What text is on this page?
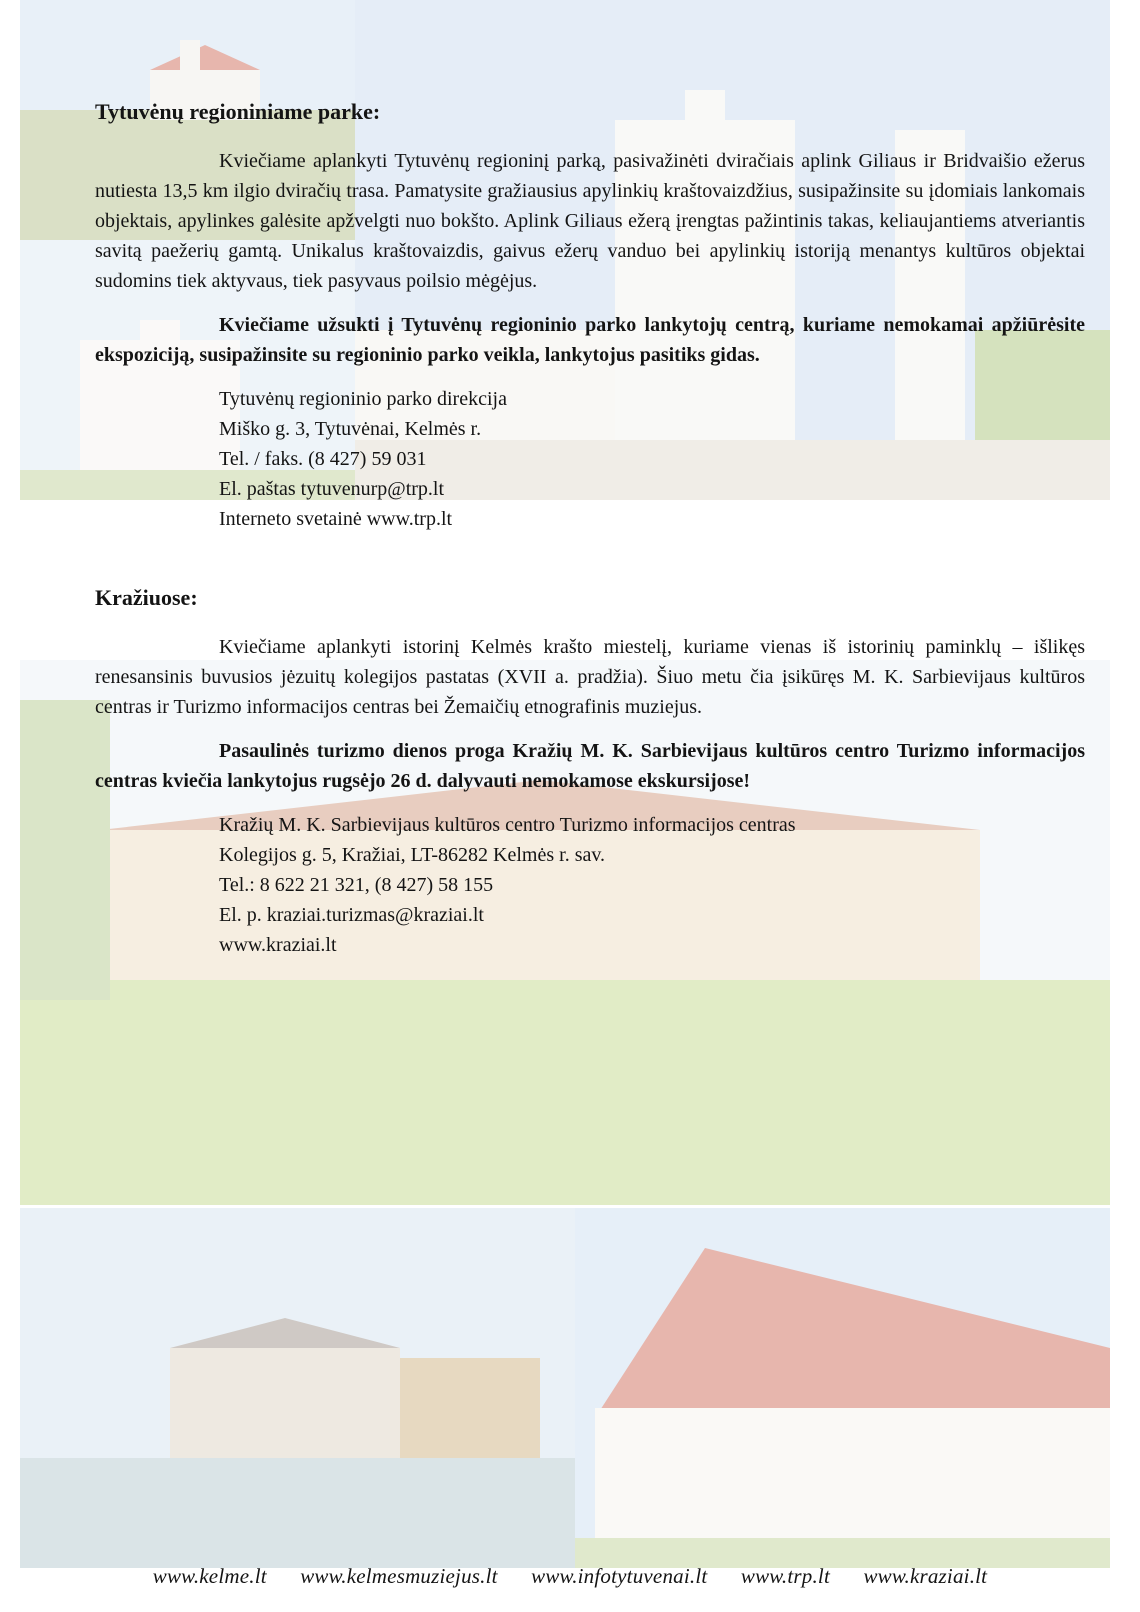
Tytuvėnų regioniniame parke:

Kviečiame aplankyti Tytuvėnų regioninį parką, pasivažinėti dviračiais aplink Giliaus ir Bridvaišio ežerus nutiesta 13,5 km ilgio dviračių trasa. Pamatysite gražiausius apylinkių kraštovaizdžius, susipažinsite su įdomiais lankomais objektais, apylinkes galėsite apžvelgti nuo bokšto. Aplink Giliaus ežerą įrengtas pažintinis takas, keliaujantiems atveriantis savitą paežerių gamtą. Unikalus kraštovaizdis, gaivus ežerų vanduo bei apylinkių istoriją menantys kultūros objektai sudomins tiek aktyvaus, tiek pasyvaus poilsio mėgėjus.

Kviečiame užsukti į Tytuvėnų regioninio parko lankytojų centrą, kuriame nemokamai apžiūrėsite ekspoziciją, susipažinsite su regioninio parko veikla, lankytojus pasitiks gidas.

Tytuvėnų regioninio parko direkcija
Miško g. 3, Tytuvėnai, Kelmės r.
Tel. / faks. (8 427) 59 031
El. paštas tytuvenurp@trp.lt
Interneto svetainė www.trp.lt
Kražiuose:

Kviečiame aplankyti istorinį Kelmės krašto miestelį, kuriame vienas iš istorinių paminklų – išlikęs renesansinis buvusios jėzuitų kolegijos pastatas (XVII a. pradžia). Šiuo metu čia įsikūręs M. K. Sarbievijaus kultūros centras ir Turizmo informacijos centras bei Žemaičių etnografinis muziejus.

Pasaulinės turizmo dienos proga Kražių M. K. Sarbievijaus kultūros centro Turizmo informacijos centras kviečia lankytojus rugsėjo 26 d. dalyvauti nemokamose ekskursijose!

Kražių M. K. Sarbievijaus kultūros centro Turizmo informacijos centras
Kolegijos g. 5, Kražiai, LT-86282 Kelmės r. sav.
Tel.: 8 622 21 321, (8 427) 58 155
El. p. kraziai.turizmas@kraziai.lt
www.kraziai.lt
www.kelme.lt www.kelmesmuziejus.lt www.infotytuvenai.lt www.trp.lt www.kraziai.lt
